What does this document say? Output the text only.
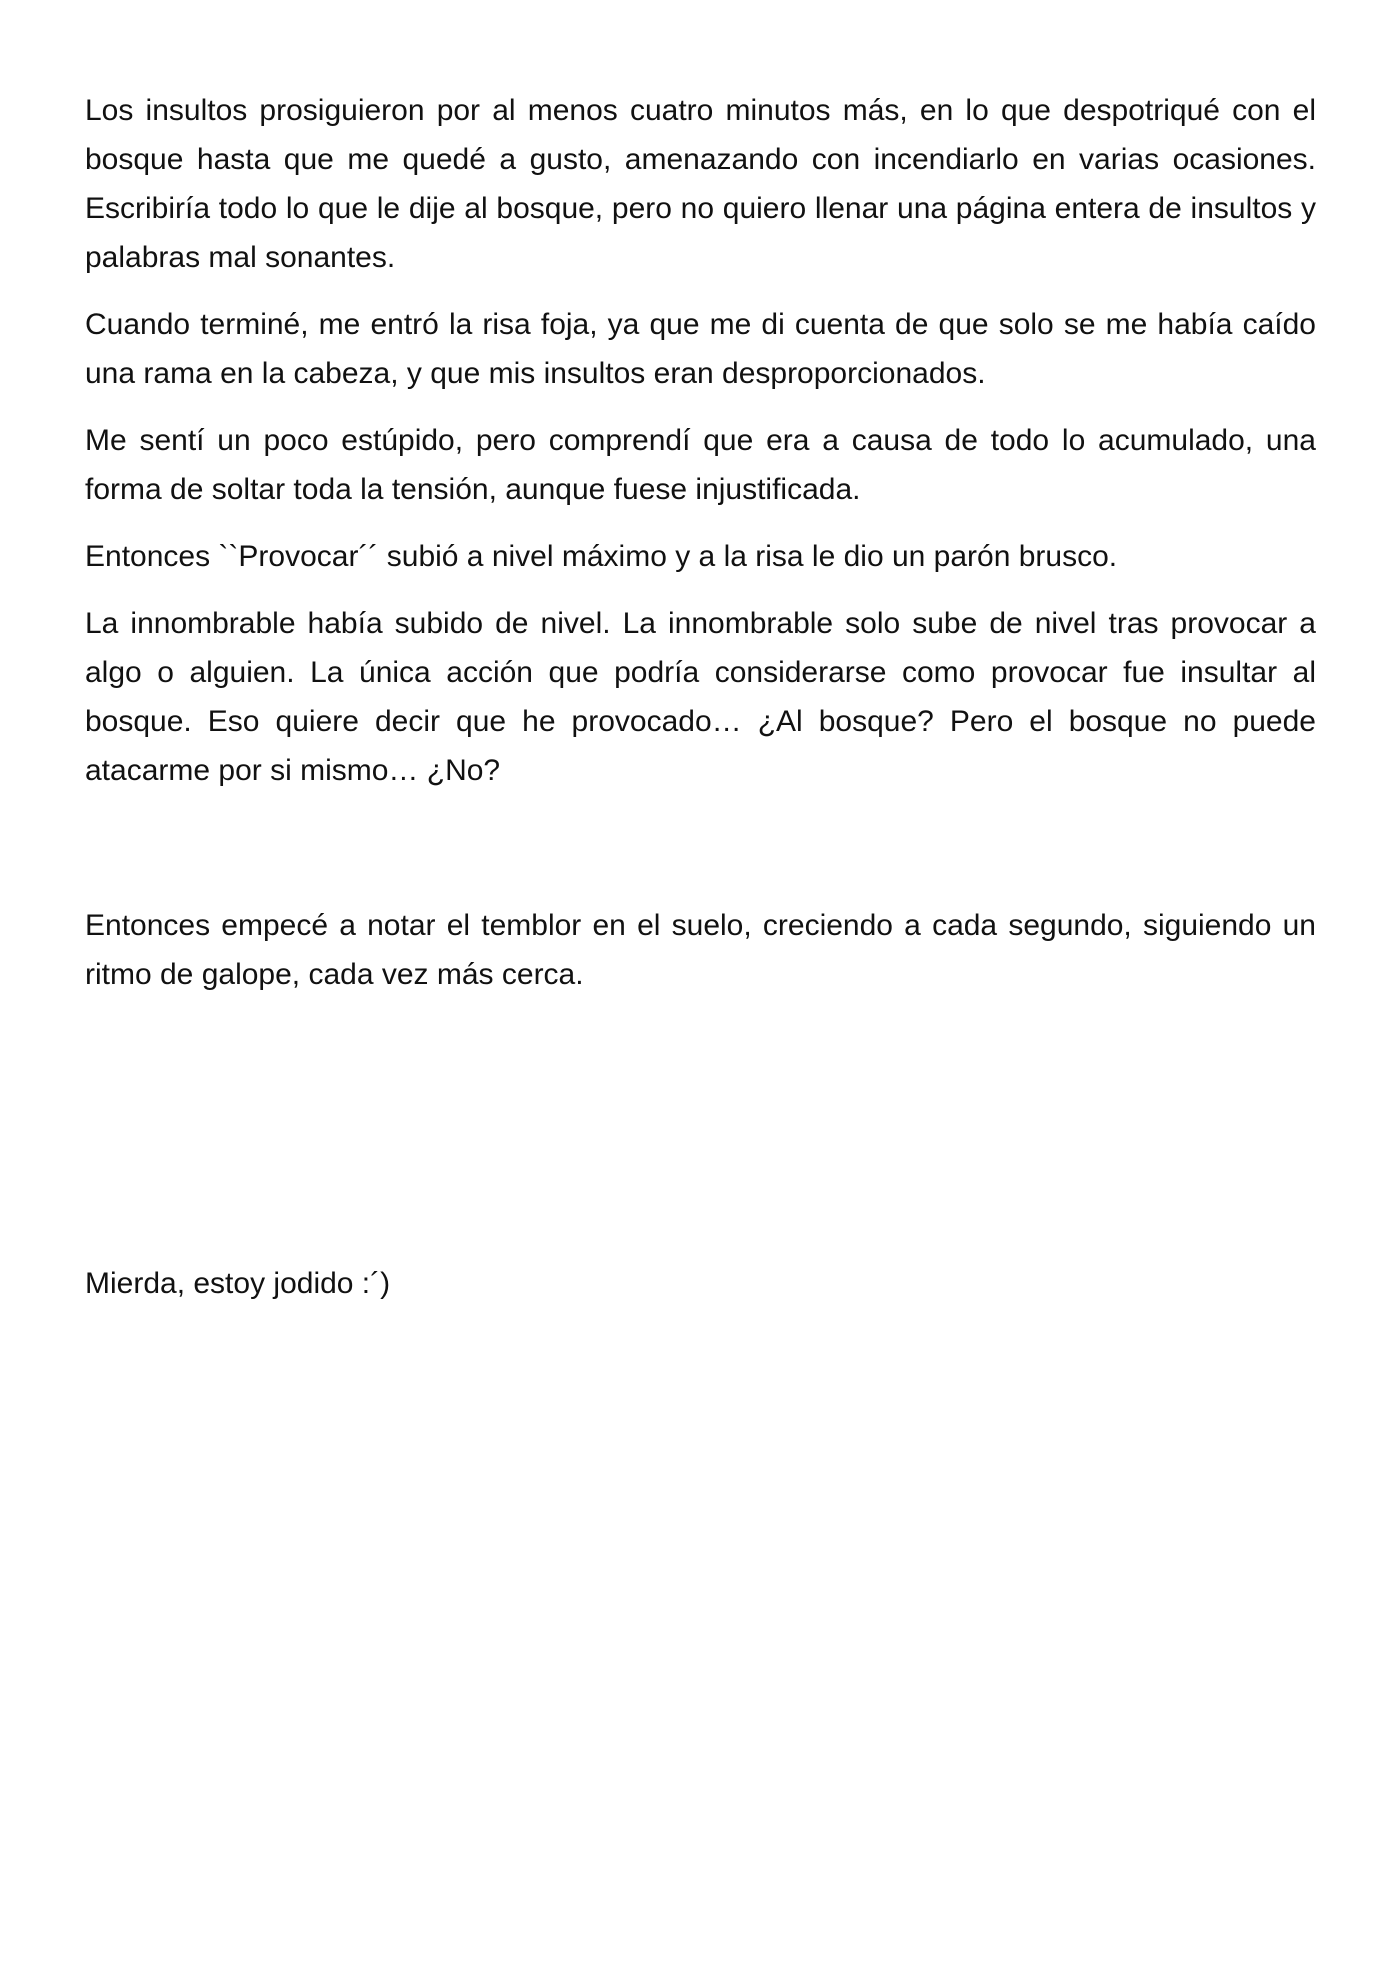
Los insultos prosiguieron por al menos cuatro minutos más, en lo que despotriqué con el bosque hasta que me quedé a gusto, amenazando con incendiarlo en varias ocasiones. Escribiría todo lo que le dije al bosque, pero no quiero llenar una página entera de insultos y palabras mal sonantes.

Cuando terminé, me entró la risa foja, ya que me di cuenta de que solo se me había caído una rama en la cabeza, y que mis insultos eran desproporcionados.

Me sentí un poco estúpido, pero comprendí que era a causa de todo lo acumulado, una forma de soltar toda la tensión, aunque fuese injustificada.

Entonces ``Provocar´´ subió a nivel máximo y a la risa le dio un parón brusco.

La innombrable había subido de nivel. La innombrable solo sube de nivel tras provocar a algo o alguien. La única acción que podría considerarse como provocar fue insultar al bosque. Eso quiere decir que he provocado… ¿Al bosque? Pero el bosque no puede atacarme por si mismo… ¿No?

Entonces empecé a notar el temblor en el suelo, creciendo a cada segundo, siguiendo un ritmo de galope, cada vez más cerca.

Mierda, estoy jodido :´)
